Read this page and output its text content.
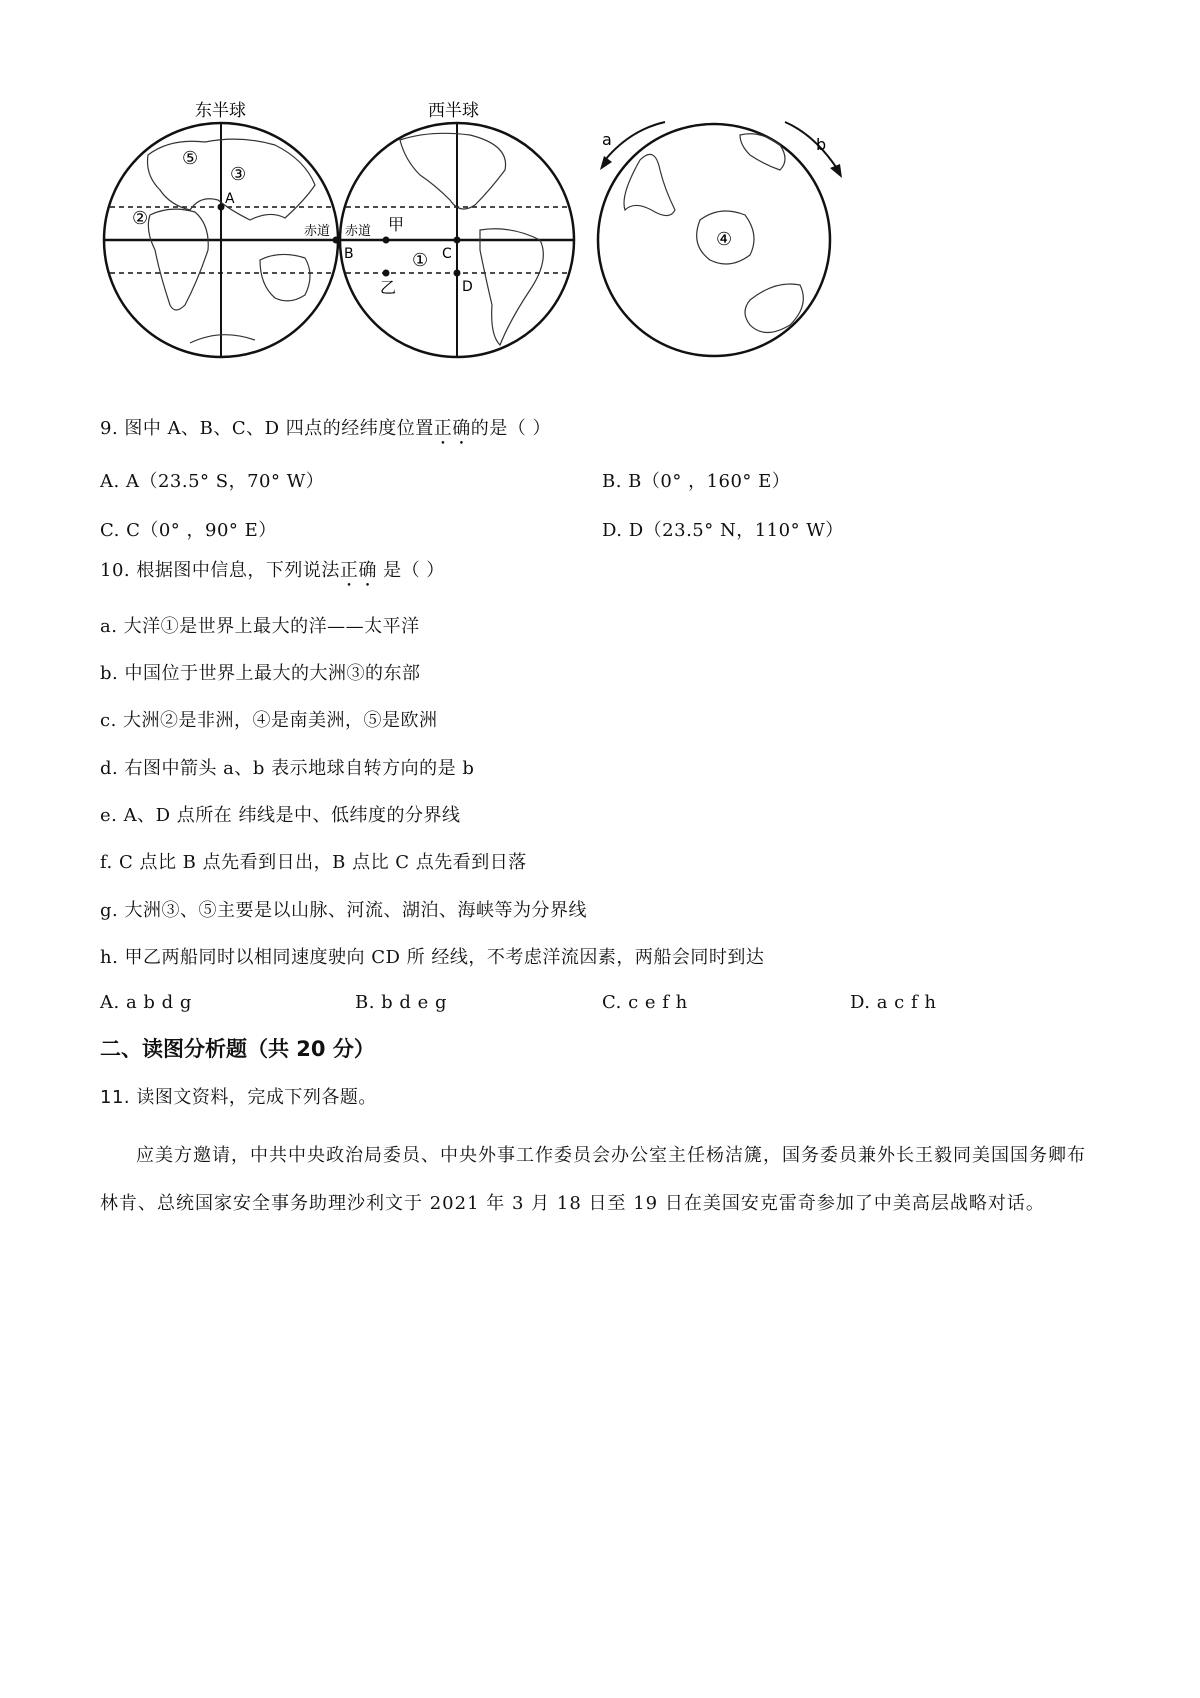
东半球	西半球
⑤
③
②
A
赤道 赤道 甲
B	C
D
①
乙
a	b
④
9. 图中 A、B、C、D 四点的经纬度位置正确的是（ ）
A. A（23.5° S，70° W）	B. B（0° ，160° E）
C. C（0° ，90° E）	D. D（23.5° N，110° W）
10. 根据图中信息，下列说法正确 是（ ）
a. 大洋①是世界上最大的洋——太平洋
b. 中国位于世界上最大的大洲③的东部
c. 大洲②是非洲，④是南美洲，⑤是欧洲
d. 右图中箭头 a、b 表示地球自转方向的是 b
e. A、D 点所在 纬线是中、低纬度的分界线
f. C 点比 B 点先看到日出，B 点比 C 点先看到日落
g. 大洲③、⑤主要是以山脉、河流、湖泊、海峡等为分界线
h. 甲乙两船同时以相同速度驶向 CD 所 经线，不考虑洋流因素，两船会同时到达
A. a b d g	B. b d e g	C. c e f h	D. a c f h
二、读图分析题（共 20 分）
11. 读图文资料，完成下列各题。
应美方邀请，中共中央政治局委员、中央外事工作委员会办公室主任杨洁篪，国务委员兼外长王毅同美国国务卿布林肯、总统国家安全事务助理沙利文于 2021 年 3 月 18 日至 19 日在美国安克雷奇参加了中美高层战略对话。
